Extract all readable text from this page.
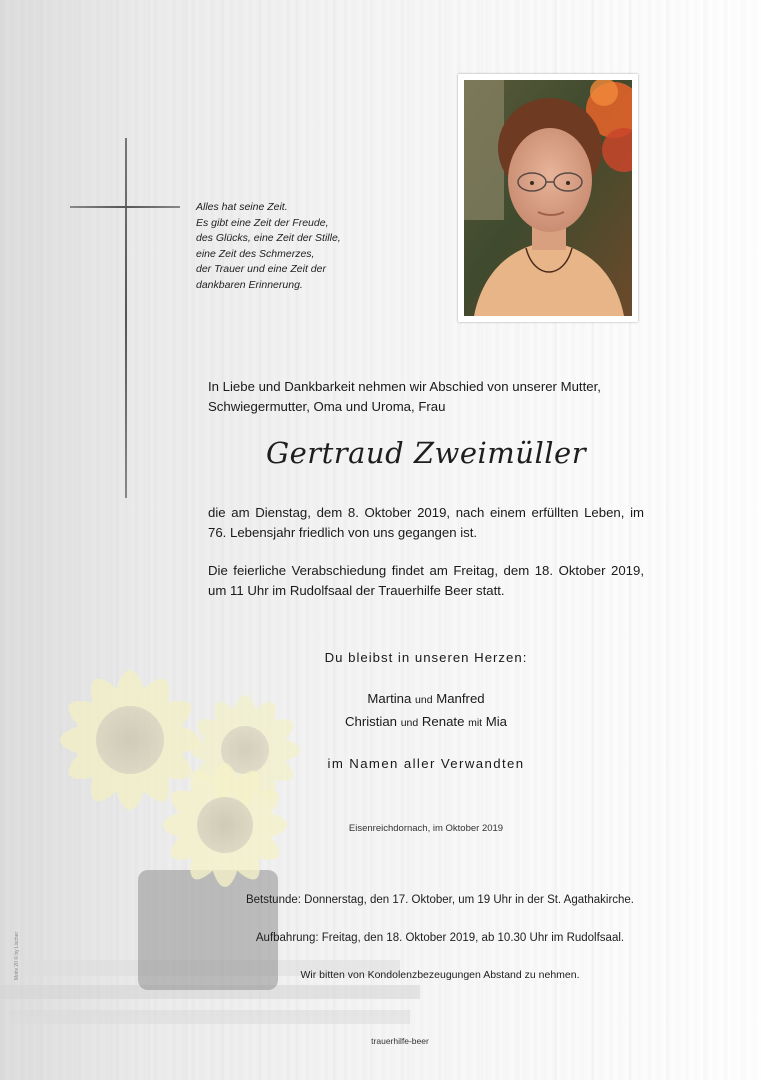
Alles hat seine Zeit.
Es gibt eine Zeit der Freude,
des Glücks, eine Zeit der Stille,
eine Zeit des Schmerzes,
der Trauer und eine Zeit der
dankbaren Erinnerung.
In Liebe und Dankbarkeit nehmen wir Abschied von unserer Mutter, Schwiegermutter, Oma und Uroma, Frau
Gertraud Zweimüller
die am Dienstag, dem 8. Oktober 2019, nach einem erfüllten Leben, im 76. Lebensjahr friedlich von uns gegangen ist.
Die feierliche Verabschiedung findet am Freitag, dem 18. Oktober 2019, um 11 Uhr im Rudolfsaal der Trauerhilfe Beer statt.
Du bleibst in unseren Herzen:
Martina und Manfred
Christian und Renate mit Mia
im Namen aller Verwandten
Eisenreichdornach, im Oktober 2019
Betstunde: Donnerstag, den 17. Oktober, um 19 Uhr in der St. Agathakirche.
Aufbahrung: Freitag, den 18. Oktober 2019, ab 10.30 Uhr im Rudolfsaal.
Wir bitten von Kondolenzbezeugungen Abstand zu nehmen.
trauerhilfe-beer
Motiv 20 © by Lischer
